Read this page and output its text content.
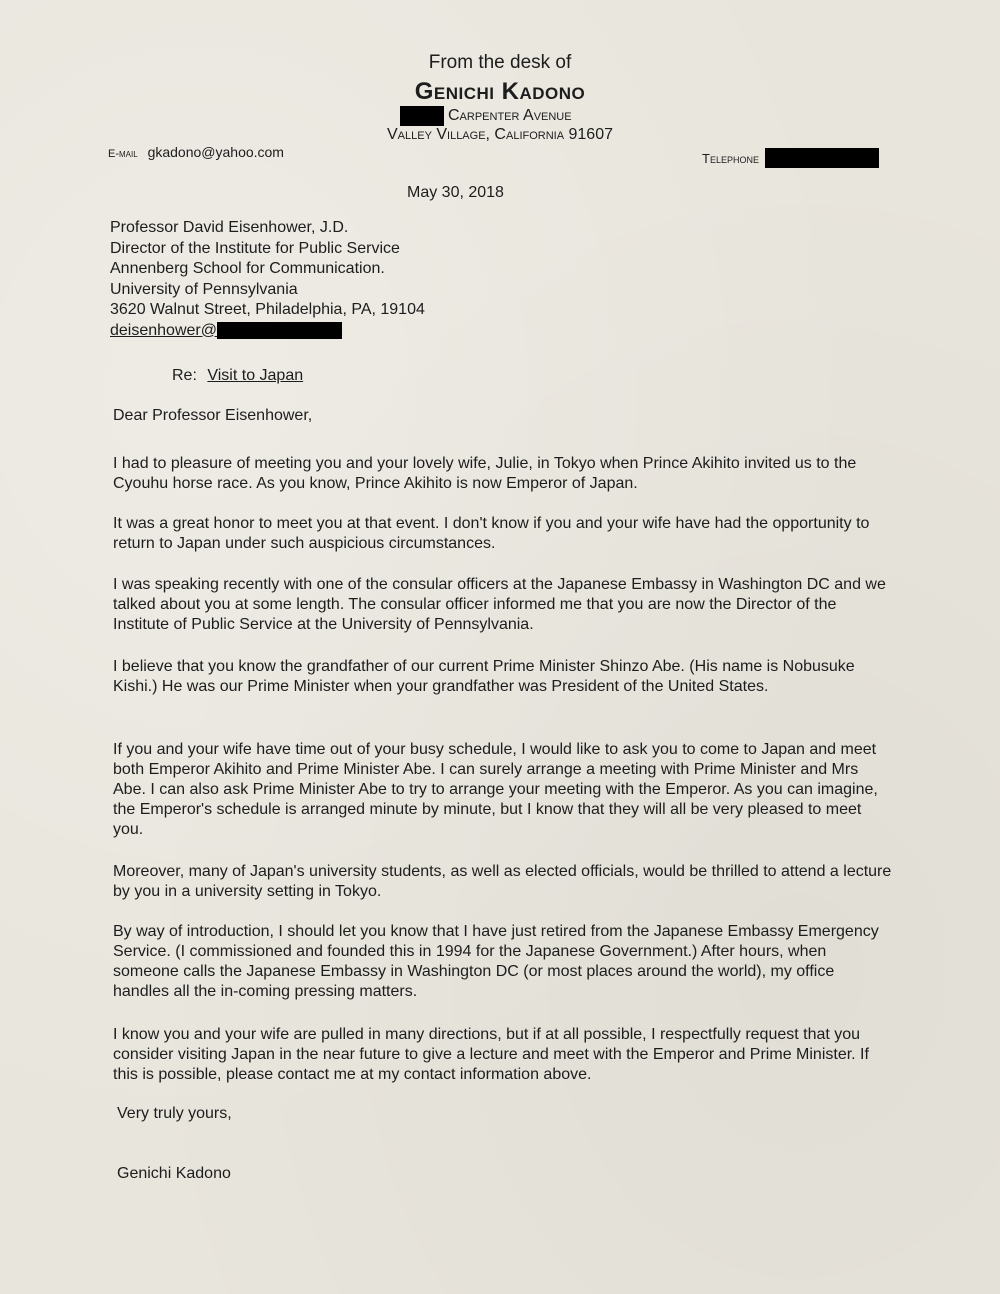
From the desk of
Genichi Kadono
Carpenter Avenue
Valley Village, California 91607
E-mail gkadono@yahoo.com	Telephone
May 30, 2018
Professor David Eisenhower, J.D.
Director of the Institute for Public Service
Annenberg School for Communication.
University of Pennsylvania
3620 Walnut Street, Philadelphia, PA, 19104
deisenhower@
Re: Visit to Japan
Dear Professor Eisenhower,
I had to pleasure of meeting you and your lovely wife, Julie, in Tokyo when Prince Akihito invited us to the Cyouhu horse race. As you know, Prince Akihito is now Emperor of Japan.
It was a great honor to meet you at that event. I don't know if you and your wife have had the opportunity to return to Japan under such auspicious circumstances.
I was speaking recently with one of the consular officers at the Japanese Embassy in Washington DC and we talked about you at some length. The consular officer informed me that you are now the Director of the Institute of Public Service at the University of Pennsylvania.
I believe that you know the grandfather of our current Prime Minister Shinzo Abe. (His name is Nobusuke Kishi.) He was our Prime Minister when your grandfather was President of the United States.
If you and your wife have time out of your busy schedule, I would like to ask you to come to Japan and meet both Emperor Akihito and Prime Minister Abe. I can surely arrange a meeting with Prime Minister and Mrs Abe. I can also ask Prime Minister Abe to try to arrange your meeting with the Emperor. As you can imagine, the Emperor's schedule is arranged minute by minute, but I know that they will all be very pleased to meet you.
Moreover, many of Japan's university students, as well as elected officials, would be thrilled to attend a lecture by you in a university setting in Tokyo.
By way of introduction, I should let you know that I have just retired from the Japanese Embassy Emergency Service. (I commissioned and founded this in 1994 for the Japanese Government.) After hours, when someone calls the Japanese Embassy in Washington DC (or most places around the world), my office handles all the in-coming pressing matters.
I know you and your wife are pulled in many directions, but if at all possible, I respectfully request that you consider visiting Japan in the near future to give a lecture and meet with the Emperor and Prime Minister. If this is possible, please contact me at my contact information above.
Very truly yours,
Genichi Kadono
